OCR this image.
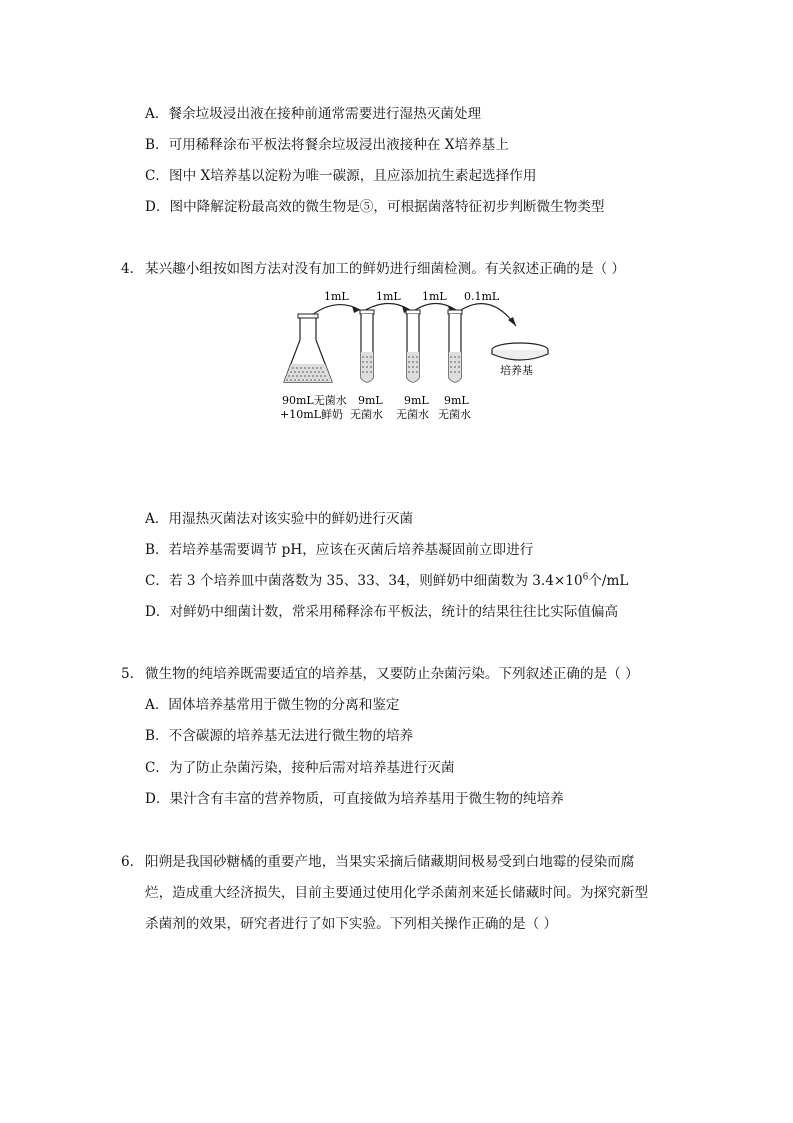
A．餐余垃圾浸出液在接种前通常需要进行湿热灭菌处理
B．可用稀释涂布平板法将餐余垃圾浸出液接种在 X培养基上
C．图中 X培养基以淀粉为唯一碳源，且应添加抗生素起选择作用
D．图中降解淀粉最高效的微生物是⑤，可根据菌落特征初步判断微生物类型
4. 某兴趣小组按如图方法对没有加工的鲜奶进行细菌检测。有关叙述正确的是（ ）
1mL 1mL 1mL 0.1mL
培养基
90mL无菌水
+10mL鲜奶
9mL
无菌水
9mL
无菌水
9mL
无菌水
A．用湿热灭菌法对该实验中的鲜奶进行灭菌
B．若培养基需要调节 pH，应该在灭菌后培养基凝固前立即进行
C．若 3 个培养皿中菌落数为 35、33、34，则鲜奶中细菌数为 $3.4\times 10^6$个/mL
D．对鲜奶中细菌计数，常采用稀释涂布平板法，统计的结果往往比实际值偏高
5. 微生物的纯培养既需要适宜的培养基，又要防止杂菌污染。下列叙述正确的是（ ）
A．固体培养基常用于微生物的分离和鉴定
B．不含碳源的培养基无法进行微生物的培养
C．为了防止杂菌污染，接种后需对培养基进行灭菌
D．果汁含有丰富的营养物质，可直接做为培养基用于微生物的纯培养
6. 阳朔是我国砂糖橘的重要产地，当果实采摘后储藏期间极易受到白地霉的侵染而腐
烂，造成重大经济损失，目前主要通过使用化学杀菌剂来延长储藏时间。为探究新型
杀菌剂的效果，研究者进行了如下实验。下列相关操作正确的是（ ）
